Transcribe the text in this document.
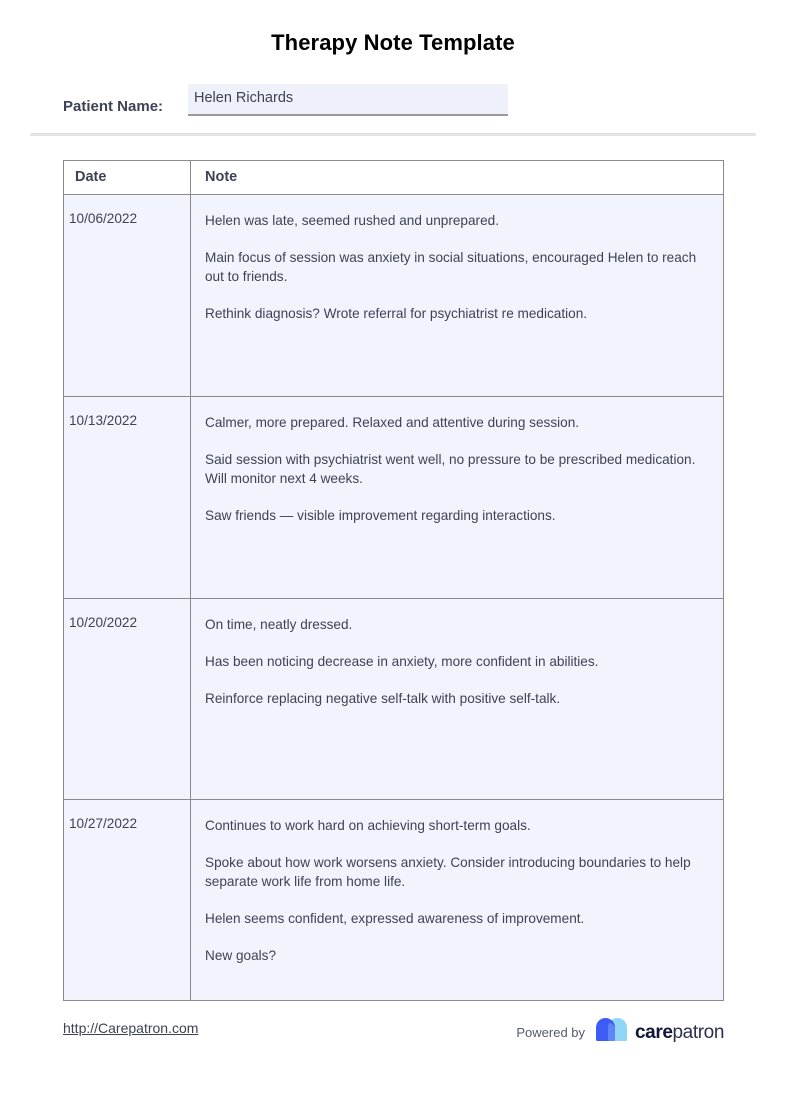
Therapy Note Template
Patient Name:
Helen Richards
Date	Note
10/06/2022	Helen was late, seemed rushed and unprepared.

Main focus of session was anxiety in social situations, encouraged Helen to reach out to friends.

Rethink diagnosis? Wrote referral for psychiatrist re medication.

10/13/2022	Calmer, more prepared. Relaxed and attentive during session.

Said session with psychiatrist went well, no pressure to be prescribed medication. Will monitor next 4 weeks.

Saw friends — visible improvement regarding interactions.

10/20/2022	On time, neatly dressed.

Has been noticing decrease in anxiety, more confident in abilities.

Reinforce replacing negative self-talk with positive self-talk.

10/27/2022	Continues to work hard on achieving short-term goals.

Spoke about how work worsens anxiety. Consider introducing boundaries to help separate work life from home life.

Helen seems confident, expressed awareness of improvement.

New goals?

http://Carepatron.com	Powered by	carepatron
